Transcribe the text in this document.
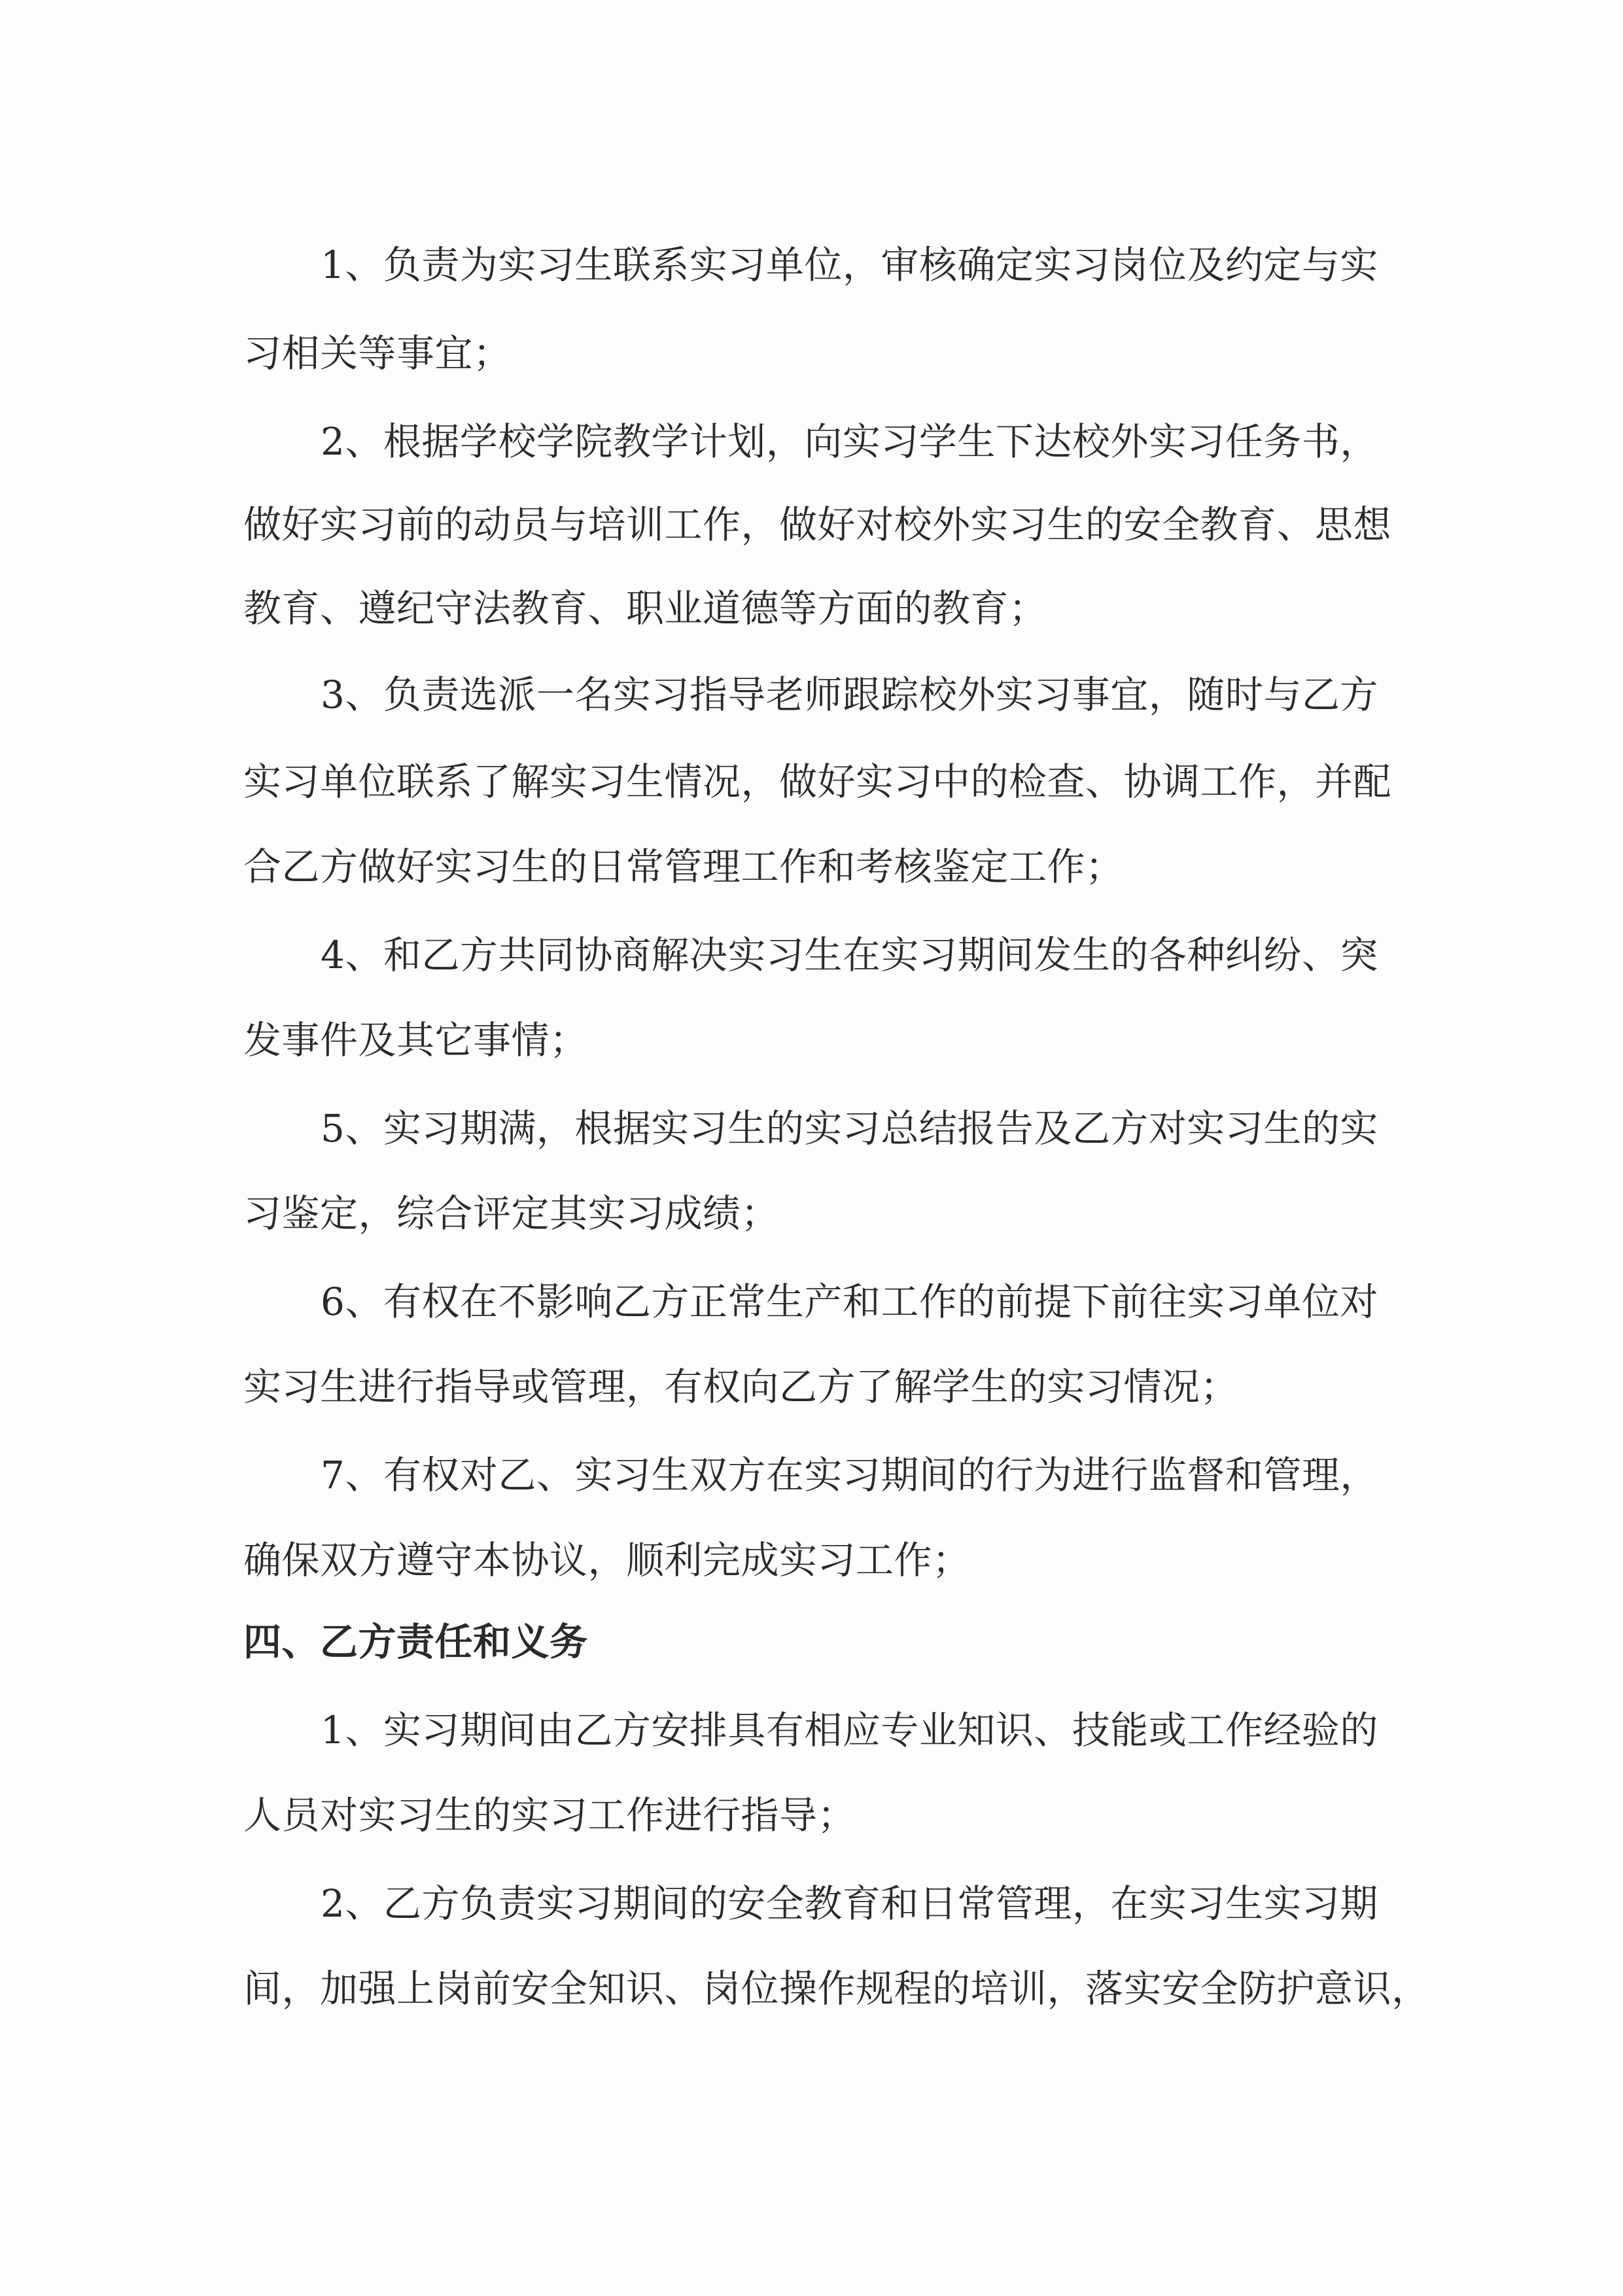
1、负责为实习生联系实习单位，审核确定实习岗位及约定与实
习相关等事宜；
2、根据学校学院教学计划，向实习学生下达校外实习任务书，
做好实习前的动员与培训工作，做好对校外实习生的安全教育、思想
教育、遵纪守法教育、职业道德等方面的教育；
3、负责选派一名实习指导老师跟踪校外实习事宜，随时与乙方
实习单位联系了解实习生情况，做好实习中的检查、协调工作，并配
合乙方做好实习生的日常管理工作和考核鉴定工作；
4、和乙方共同协商解决实习生在实习期间发生的各种纠纷、突
发事件及其它事情；
5、实习期满，根据实习生的实习总结报告及乙方对实习生的实
习鉴定，综合评定其实习成绩；
6、有权在不影响乙方正常生产和工作的前提下前往实习单位对
实习生进行指导或管理，有权向乙方了解学生的实习情况；
7、有权对乙、实习生双方在实习期间的行为进行监督和管理，
确保双方遵守本协议，顺利完成实习工作；
四、乙方责任和义务
1、实习期间由乙方安排具有相应专业知识、技能或工作经验的
人员对实习生的实习工作进行指导；
2、乙方负责实习期间的安全教育和日常管理，在实习生实习期
间，加强上岗前安全知识、岗位操作规程的培训，落实安全防护意识，
